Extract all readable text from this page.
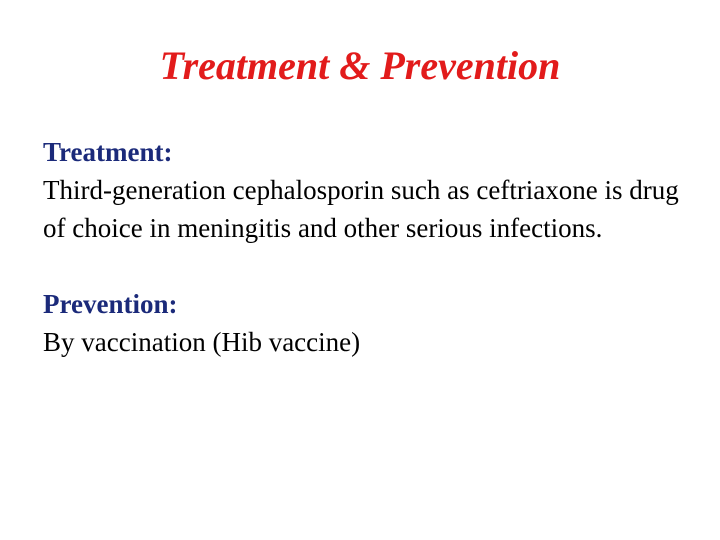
Treatment & Prevention
Treatment:

Third-generation cephalosporin such as ceftriaxone is drug of choice in meningitis and other serious infections.

Prevention:

By vaccination (Hib vaccine)
